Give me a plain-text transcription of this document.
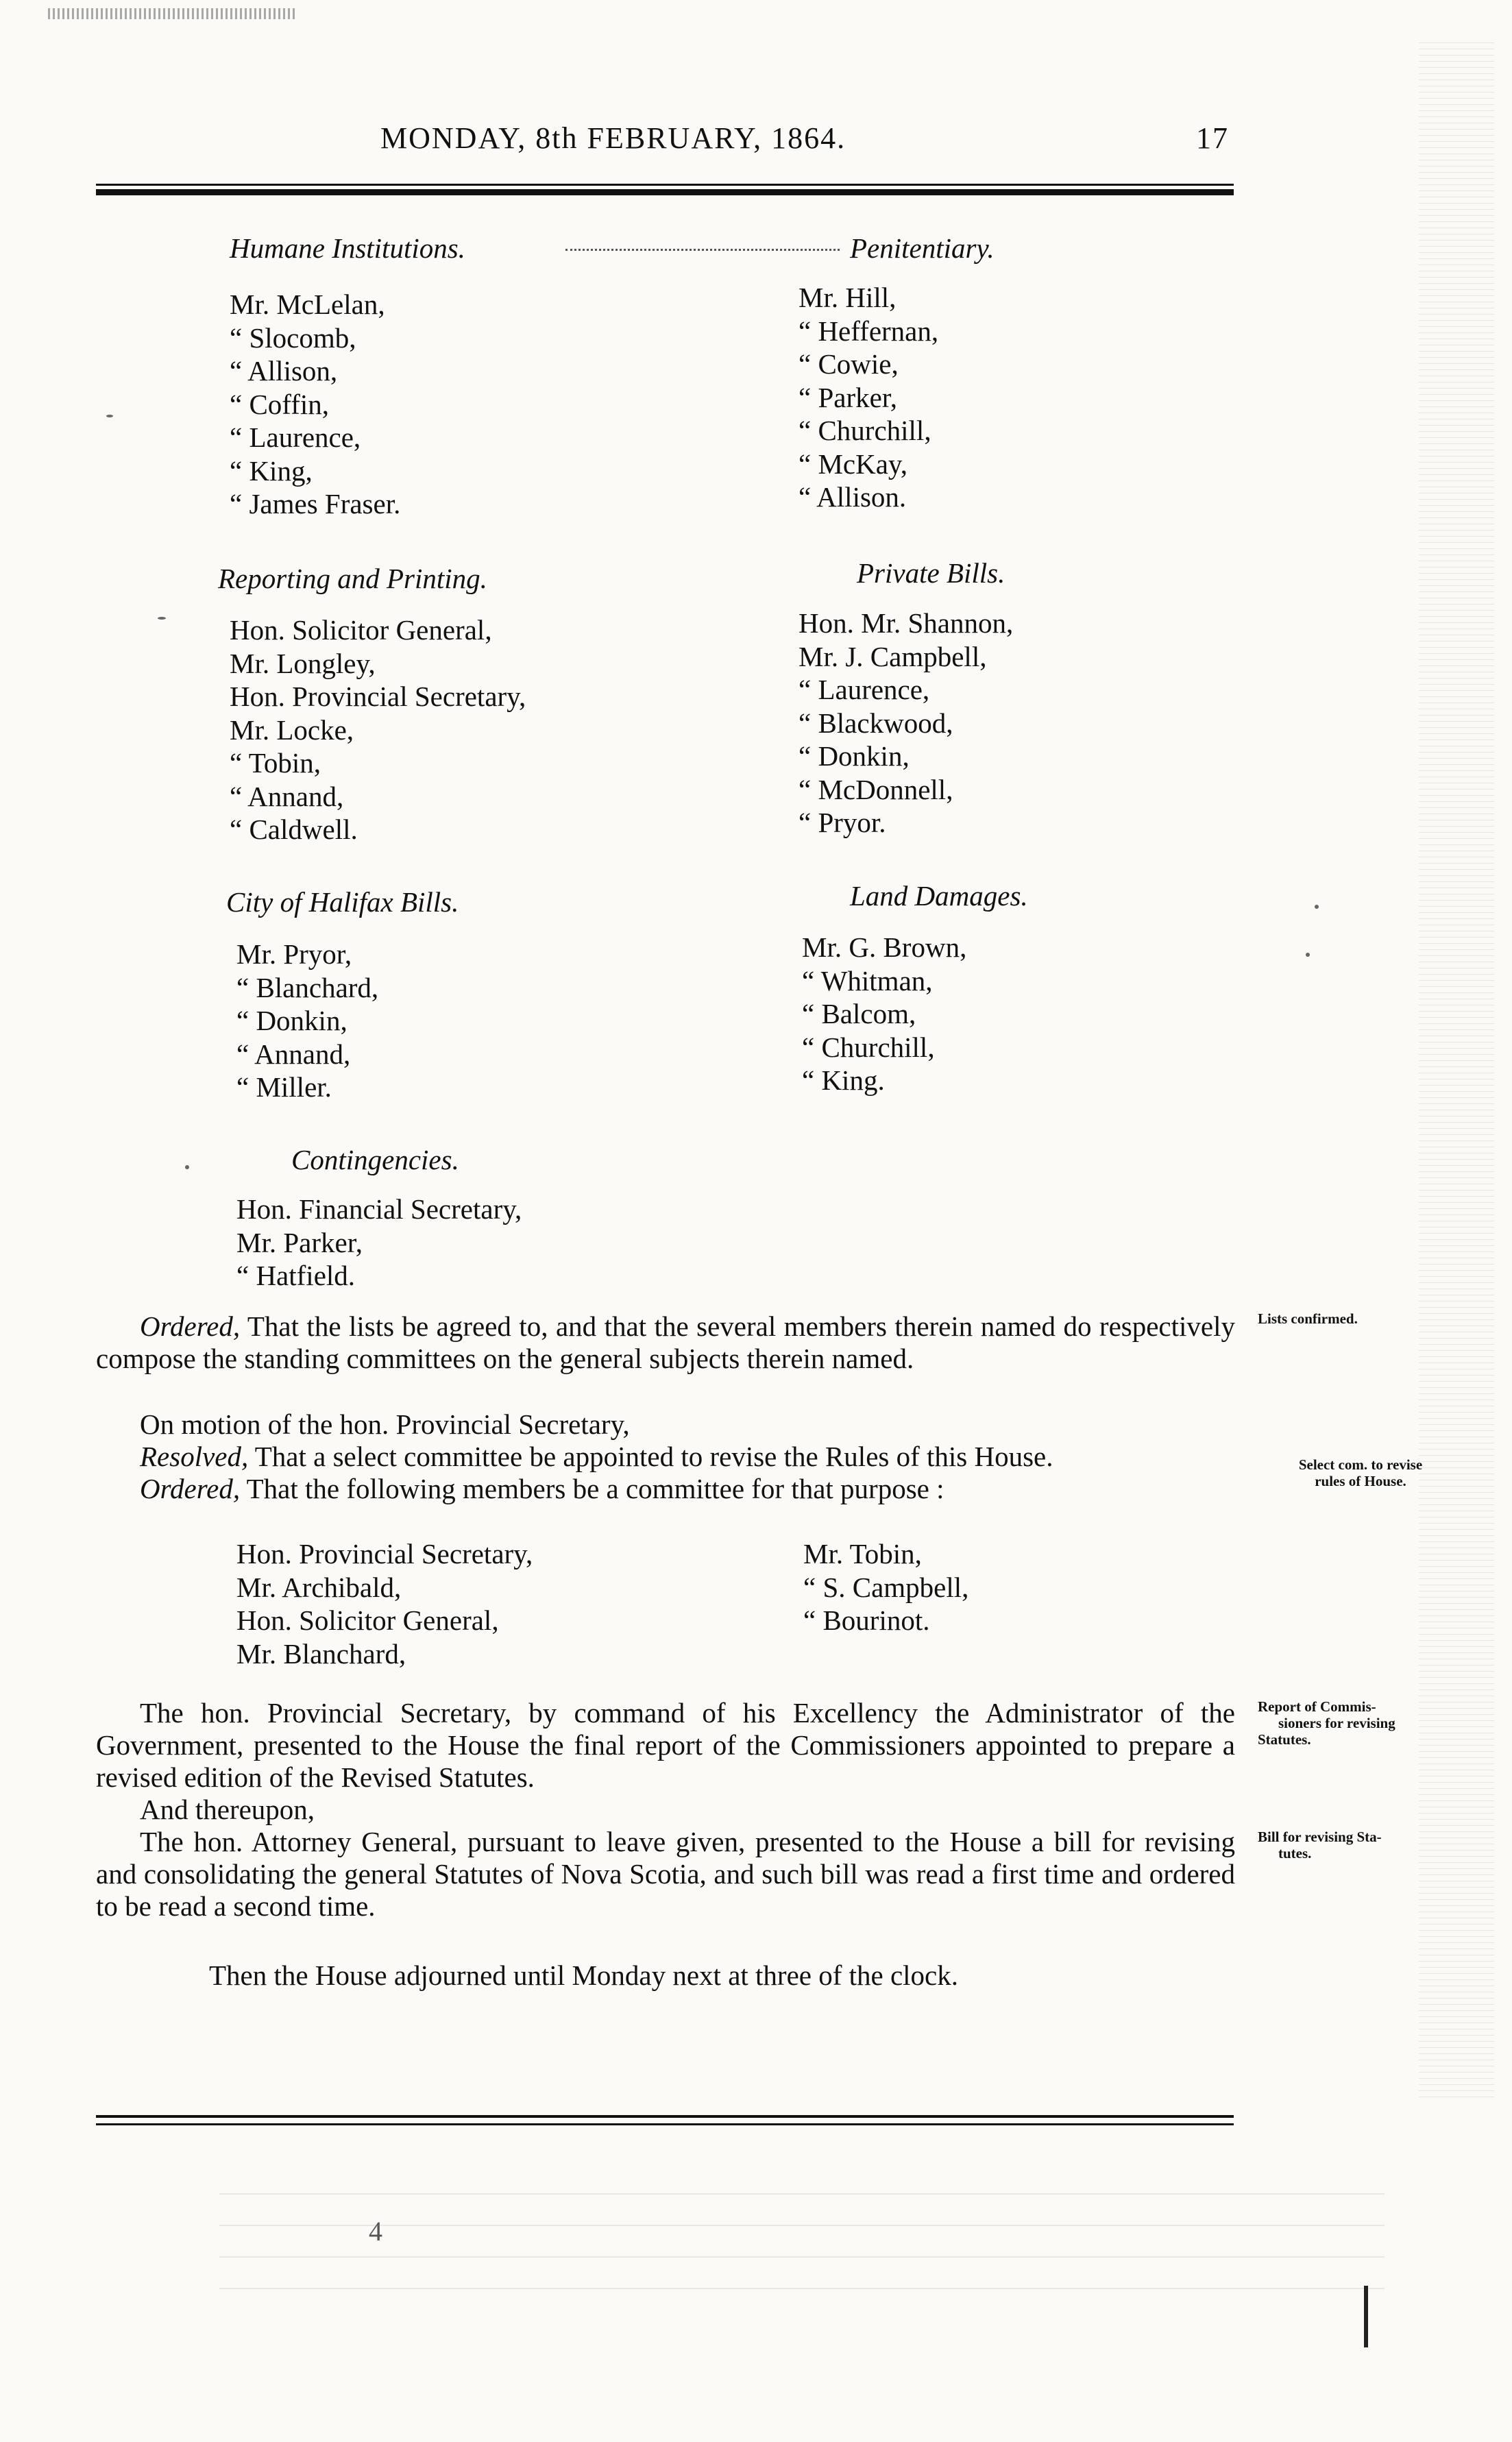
MONDAY, 8th FEBRUARY, 1864.	17
Humane Institutions.
Mr. McLelan,
“ Slocomb,
“ Allison,
“ Coffin,
“ Laurence,
“ King,
“ James Fraser.
Penitentiary.
Mr. Hill,
“ Heffernan,
“ Cowie,
“ Parker,
“ Churchill,
“ McKay,
“ Allison.
Reporting and Printing.
Hon. Solicitor General,
Mr. Longley,
Hon. Provincial Secretary,
Mr. Locke,
“ Tobin,
“ Annand,
“ Caldwell.
Private Bills.
Hon. Mr. Shannon,
Mr. J. Campbell,
“ Laurence,
“ Blackwood,
“ Donkin,
“ McDonnell,
“ Pryor.
City of Halifax Bills.
Mr. Pryor,
“ Blanchard,
“ Donkin,
“ Annand,
“ Miller.
Land Damages.
Mr. G. Brown,
“ Whitman,
“ Balcom,
“ Churchill,
“ King.
Contingencies.
Hon. Financial Secretary,
Mr. Parker,
“ Hatfield.

Ordered, That the lists be agreed to, and that the several members therein named do respectively compose the standing committees on the general subjects therein named.

Lists confirmed.

On motion of the hon. Provincial Secretary,

Resolved, That a select committee be appointed to revise the Rules of this House.

Ordered, That the following members be a committee for that purpose :

Select com. to revise
rules of House.
Hon. Provincial Secretary,
Mr. Archibald,
Hon. Solicitor General,
Mr. Blanchard,
Mr. Tobin,
“ S. Campbell,
“ Bourinot.

The hon. Provincial Secretary, by command of his Excellency the Administrator of the Government, presented to the House the final report of the Commissioners appointed to prepare a revised edition of the Revised Statutes.

And thereupon,

The hon. Attorney General, pursuant to leave given, presented to the House a bill for revising and consolidating the general Statutes of Nova Scotia, and such bill was read a first time and ordered to be read a second time.

Report of Commis-
sioners for revising
Statutes.
Bill for revising Sta-
tutes.
Then the House adjourned until Monday next at three of the clock.
4
